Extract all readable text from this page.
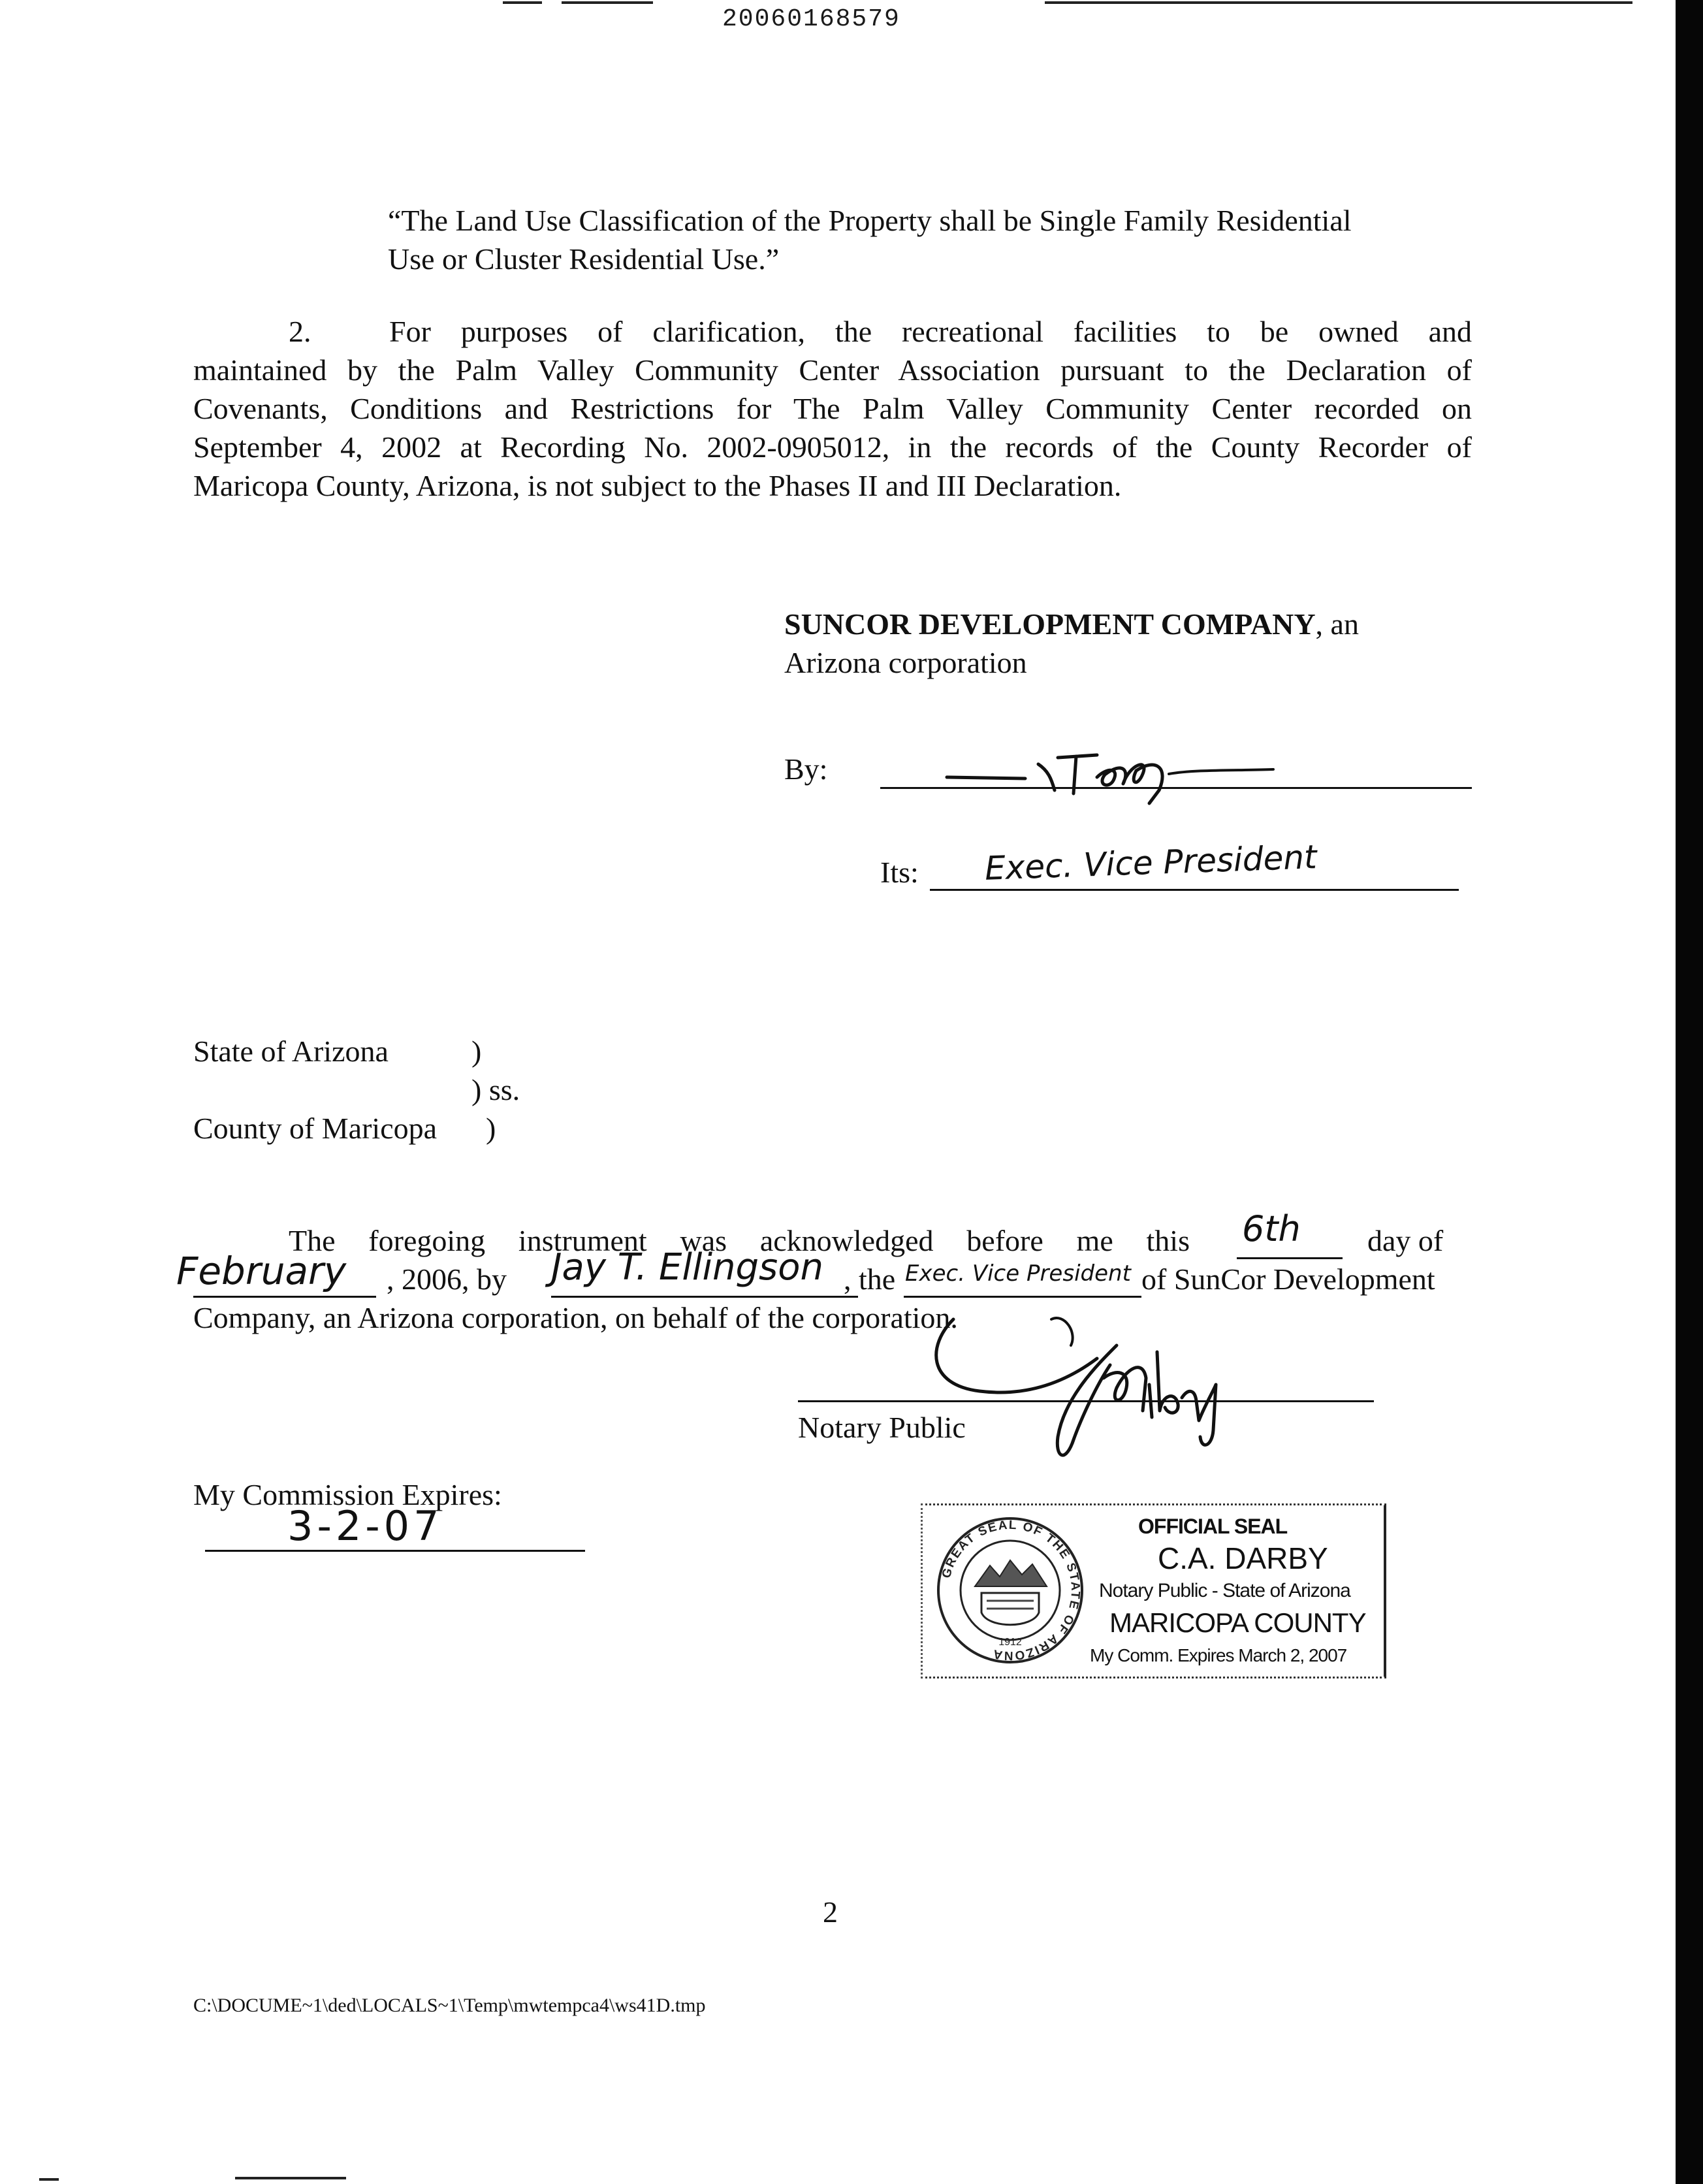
20060168579
“The Land Use Classification of the Property shall be Single Family Residential
Use or Cluster Residential Use.”
2.	For purposes of clarification, the recreational facilities to be owned and
maintained by the Palm Valley Community Center Association pursuant to the Declaration of
Covenants, Conditions and Restrictions for The Palm Valley Community Center recorded on
September 4, 2002 at Recording No. 2002-0905012, in the records of the County Recorder of
Maricopa County, Arizona, is not subject to the Phases II and III Declaration.
SUNCOR DEVELOPMENT COMPANY, an
Arizona corporation
By:
Its: Exec. Vice President
State of Arizona	)
) ss.
County of Maricopa )
The foregoing instrument was acknowledged before me this 6th day of
February , 2006, by Jay T. Ellingson , the Exec. Vice President of SunCor Development
Company, an Arizona corporation, on behalf of the corporation.
Notary Public
My Commission Expires:
3-2-07
GREAT SEAL OF THE STATE OF ARIZONA
1912
OFFICIAL SEAL
C.A. DARBY
Notary Public - State of Arizona
MARICOPA COUNTY
My Comm. Expires March 2, 2007
2
C:\DOCUME~1\ded\LOCALS~1\Temp\mwtempca4\ws41D.tmp
